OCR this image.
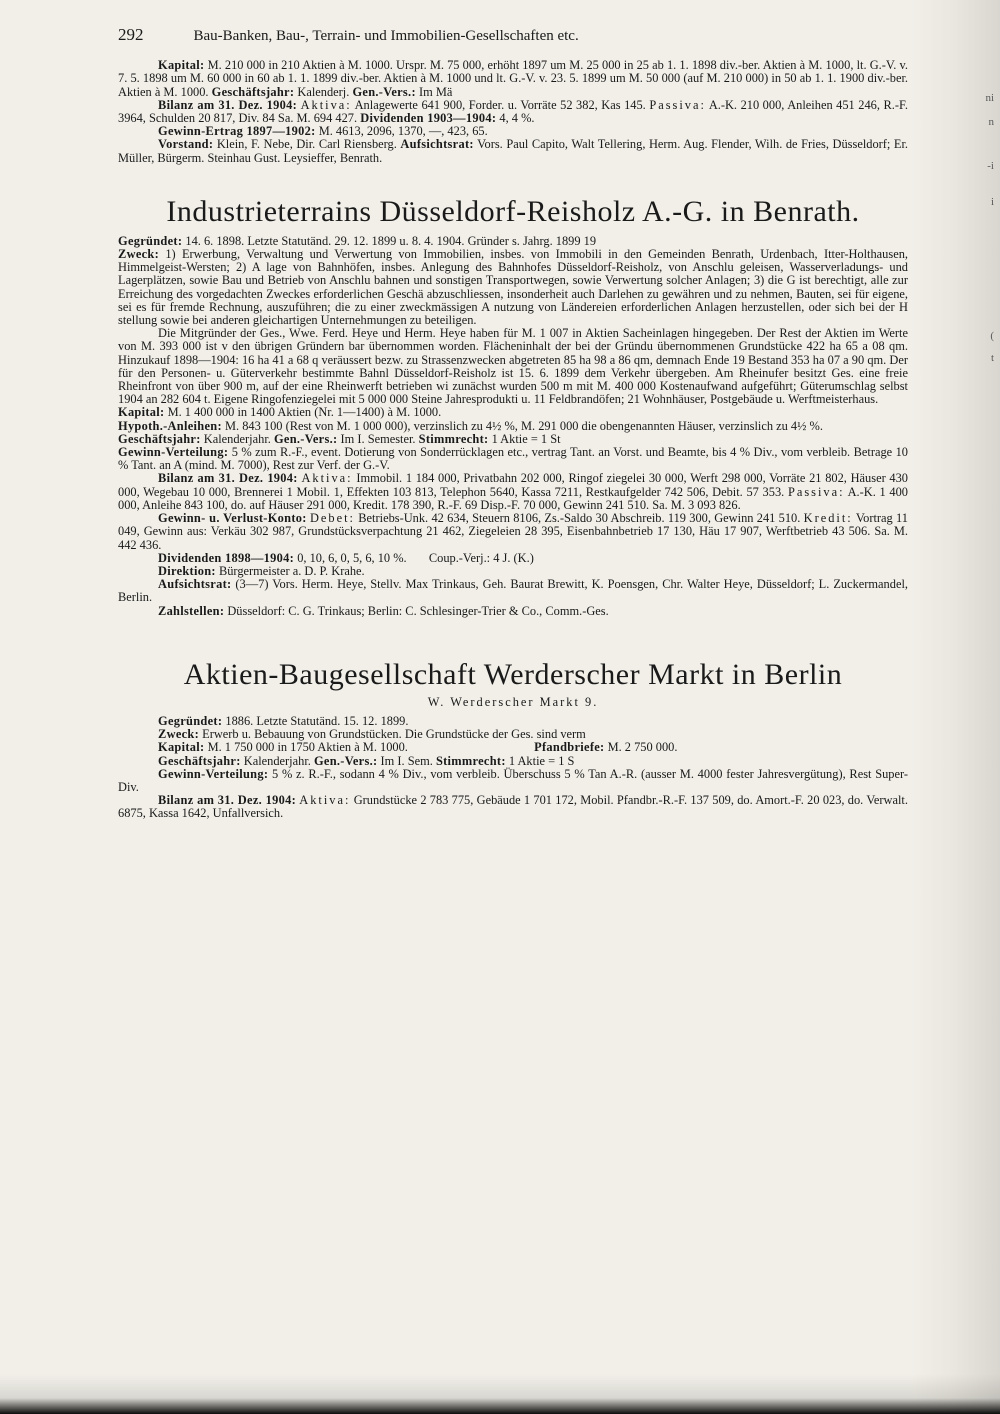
ni
n
-i
i
(
t
292	Bau-Banken, Bau-, Terrain- und Immobilien-Gesellschaften etc.

Kapital: M. 210 000 in 210 Aktien à M. 1000. Urspr. M. 75 000, erhöht 1897 um M. 25 000 in 25 ab 1. 1. 1898 div.-ber. Aktien à M. 1000, lt. G.-V. v. 7. 5. 1898 um M. 60 000 in 60 ab 1. 1. 1899 div.-ber. Aktien à M. 1000 und lt. G.-V. v. 23. 5. 1899 um M. 50 000 (auf M. 210 000) in 50 ab 1. 1. 1900 div.-ber. Aktien à M. 1000. Geschäftsjahr: Kalenderj. Gen.-Vers.: Im Mä

Bilanz am 31. Dez. 1904: Aktiva: Anlagewerte 641 900, Forder. u. Vorräte 52 382, Kas 145. Passiva: A.-K. 210 000, Anleihen 451 246, R.-F. 3964, Schulden 20 817, Div. 84 Sa. M. 694 427. Dividenden 1903—1904: 4, 4 %.

Gewinn-Ertrag 1897—1902: M. 4613, 2096, 1370, —, 423, 65.

Vorstand: Klein, F. Nebe, Dir. Carl Riensberg. Aufsichtsrat: Vors. Paul Capito, Walt Tellering, Herm. Aug. Flender, Wilh. de Fries, Düsseldorf; Er. Müller, Bürgerm. Steinhau Gust. Leysieffer, Benrath.

Industrieterrains Düsseldorf-Reisholz A.-G. in Benrath.

Gegründet: 14. 6. 1898. Letzte Statutänd. 29. 12. 1899 u. 8. 4. 1904. Gründer s. Jahrg. 1899 19

Zweck: 1) Erwerbung, Verwaltung und Verwertung von Immobilien, insbes. von Immobili in den Gemeinden Benrath, Urdenbach, Itter-Holthausen, Himmelgeist-Wersten; 2) A lage von Bahnhöfen, insbes. Anlegung des Bahnhofes Düsseldorf-Reisholz, von Anschlu geleisen, Wasserverladungs- und Lagerplätzen, sowie Bau und Betrieb von Anschlu bahnen und sonstigen Transportwegen, sowie Verwertung solcher Anlagen; 3) die G ist berechtigt, alle zur Erreichung des vorgedachten Zweckes erforderlichen Geschä abzuschliessen, insonderheit auch Darlehen zu gewähren und zu nehmen, Bauten, sei für eigene, sei es für fremde Rechnung, auszuführen; die zu einer zweckmässigen A nutzung von Ländereien erforderlichen Anlagen herzustellen, oder sich bei der H stellung sowie bei anderen gleichartigen Unternehmungen zu beteiligen.

Die Mitgründer der Ges., Wwe. Ferd. Heye und Herm. Heye haben für M. 1 007 in Aktien Sacheinlagen hingegeben. Der Rest der Aktien im Werte von M. 393 000 ist v den übrigen Gründern bar übernommen worden. Flächeninhalt der bei der Gründu übernommenen Grundstücke 422 ha 65 a 08 qm. Hinzukauf 1898—1904: 16 ha 41 a 68 q veräussert bezw. zu Strassenzwecken abgetreten 85 ha 98 a 86 qm, demnach Ende 19 Bestand 353 ha 07 a 90 qm. Der für den Personen- u. Güterverkehr bestimmte Bahnl Düsseldorf-Reisholz ist 15. 6. 1899 dem Verkehr übergeben. Am Rheinufer besitzt Ges. eine freie Rheinfront von über 900 m, auf der eine Rheinwerft betrieben wi zunächst wurden 500 m mit M. 400 000 Kostenaufwand aufgeführt; Güterumschlag selbst 1904 an 282 604 t. Eigene Ringofenziegelei mit 5 000 000 Steine Jahresprodukti u. 11 Feldbrandöfen; 21 Wohnhäuser, Postgebäude u. Werftmeisterhaus.

Kapital: M. 1 400 000 in 1400 Aktien (Nr. 1—1400) à M. 1000.

Hypoth.-Anleihen: M. 843 100 (Rest von M. 1 000 000), verzinslich zu 4½ %, M. 291 000 die obengenannten Häuser, verzinslich zu 4½ %.

Geschäftsjahr: Kalenderjahr. Gen.-Vers.: Im I. Semester. Stimmrecht: 1 Aktie = 1 St

Gewinn-Verteilung: 5 % zum R.-F., event. Dotierung von Sonderrücklagen etc., vertrag Tant. an Vorst. und Beamte, bis 4 % Div., vom verbleib. Betrage 10 % Tant. an A (mind. M. 7000), Rest zur Verf. der G.-V.

Bilanz am 31. Dez. 1904: Aktiva: Immobil. 1 184 000, Privatbahn 202 000, Ringof ziegelei 30 000, Werft 298 000, Vorräte 21 802, Häuser 430 000, Wegebau 10 000, Brennerei 1 Mobil. 1, Effekten 103 813, Telephon 5640, Kassa 7211, Restkaufgelder 742 506, Debit. 57 353. Passiva: A.-K. 1 400 000, Anleihe 843 100, do. auf Häuser 291 000, Kredit. 178 390, R.-F. 69 Disp.-F. 70 000, Gewinn 241 510. Sa. M. 3 093 826.

Gewinn- u. Verlust-Konto: Debet: Betriebs-Unk. 42 634, Steuern 8106, Zs.-Saldo 30 Abschreib. 119 300, Gewinn 241 510. Kredit: Vortrag 11 049, Gewinn aus: Verkäu 302 987, Grundstücksverpachtung 21 462, Ziegeleien 28 395, Eisenbahnbetrieb 17 130, Häu 17 907, Werftbetrieb 43 506. Sa. M. 442 436.

Dividenden 1898—1904: 0, 10, 6, 0, 5, 6, 10 %. Coup.-Verj.: 4 J. (K.)

Direktion: Bürgermeister a. D. P. Krahe.

Aufsichtsrat: (3—7) Vors. Herm. Heye, Stellv. Max Trinkaus, Geh. Baurat Brewitt, K. Poensgen, Chr. Walter Heye, Düsseldorf; L. Zuckermandel, Berlin.

Zahlstellen: Düsseldorf: C. G. Trinkaus; Berlin: C. Schlesinger-Trier & Co., Comm.-Ges.

Aktien-Baugesellschaft Werderscher Markt in Berlin
W. Werderscher Markt 9.

Gegründet: 1886. Letzte Statutänd. 15. 12. 1899.

Zweck: Erwerb u. Bebauung von Grundstücken. Die Grundstücke der Ges. sind verm

Kapital: M. 1 750 000 in 1750 Aktien à M. 1000.	Pfandbriefe: M. 2 750 000.

Geschäftsjahr: Kalenderjahr. Gen.-Vers.: Im I. Sem. Stimmrecht: 1 Aktie = 1 S

Gewinn-Verteilung: 5 % z. R.-F., sodann 4 % Div., vom verbleib. Überschuss 5 % Tan A.-R. (ausser M. 4000 fester Jahresvergütung), Rest Super-Div.

Bilanz am 31. Dez. 1904: Aktiva: Grundstücke 2 783 775, Gebäude 1 701 172, Mobil. Pfandbr.-R.-F. 137 509, do. Amort.-F. 20 023, do. Verwalt. 6875, Kassa 1642, Unfallversich.
